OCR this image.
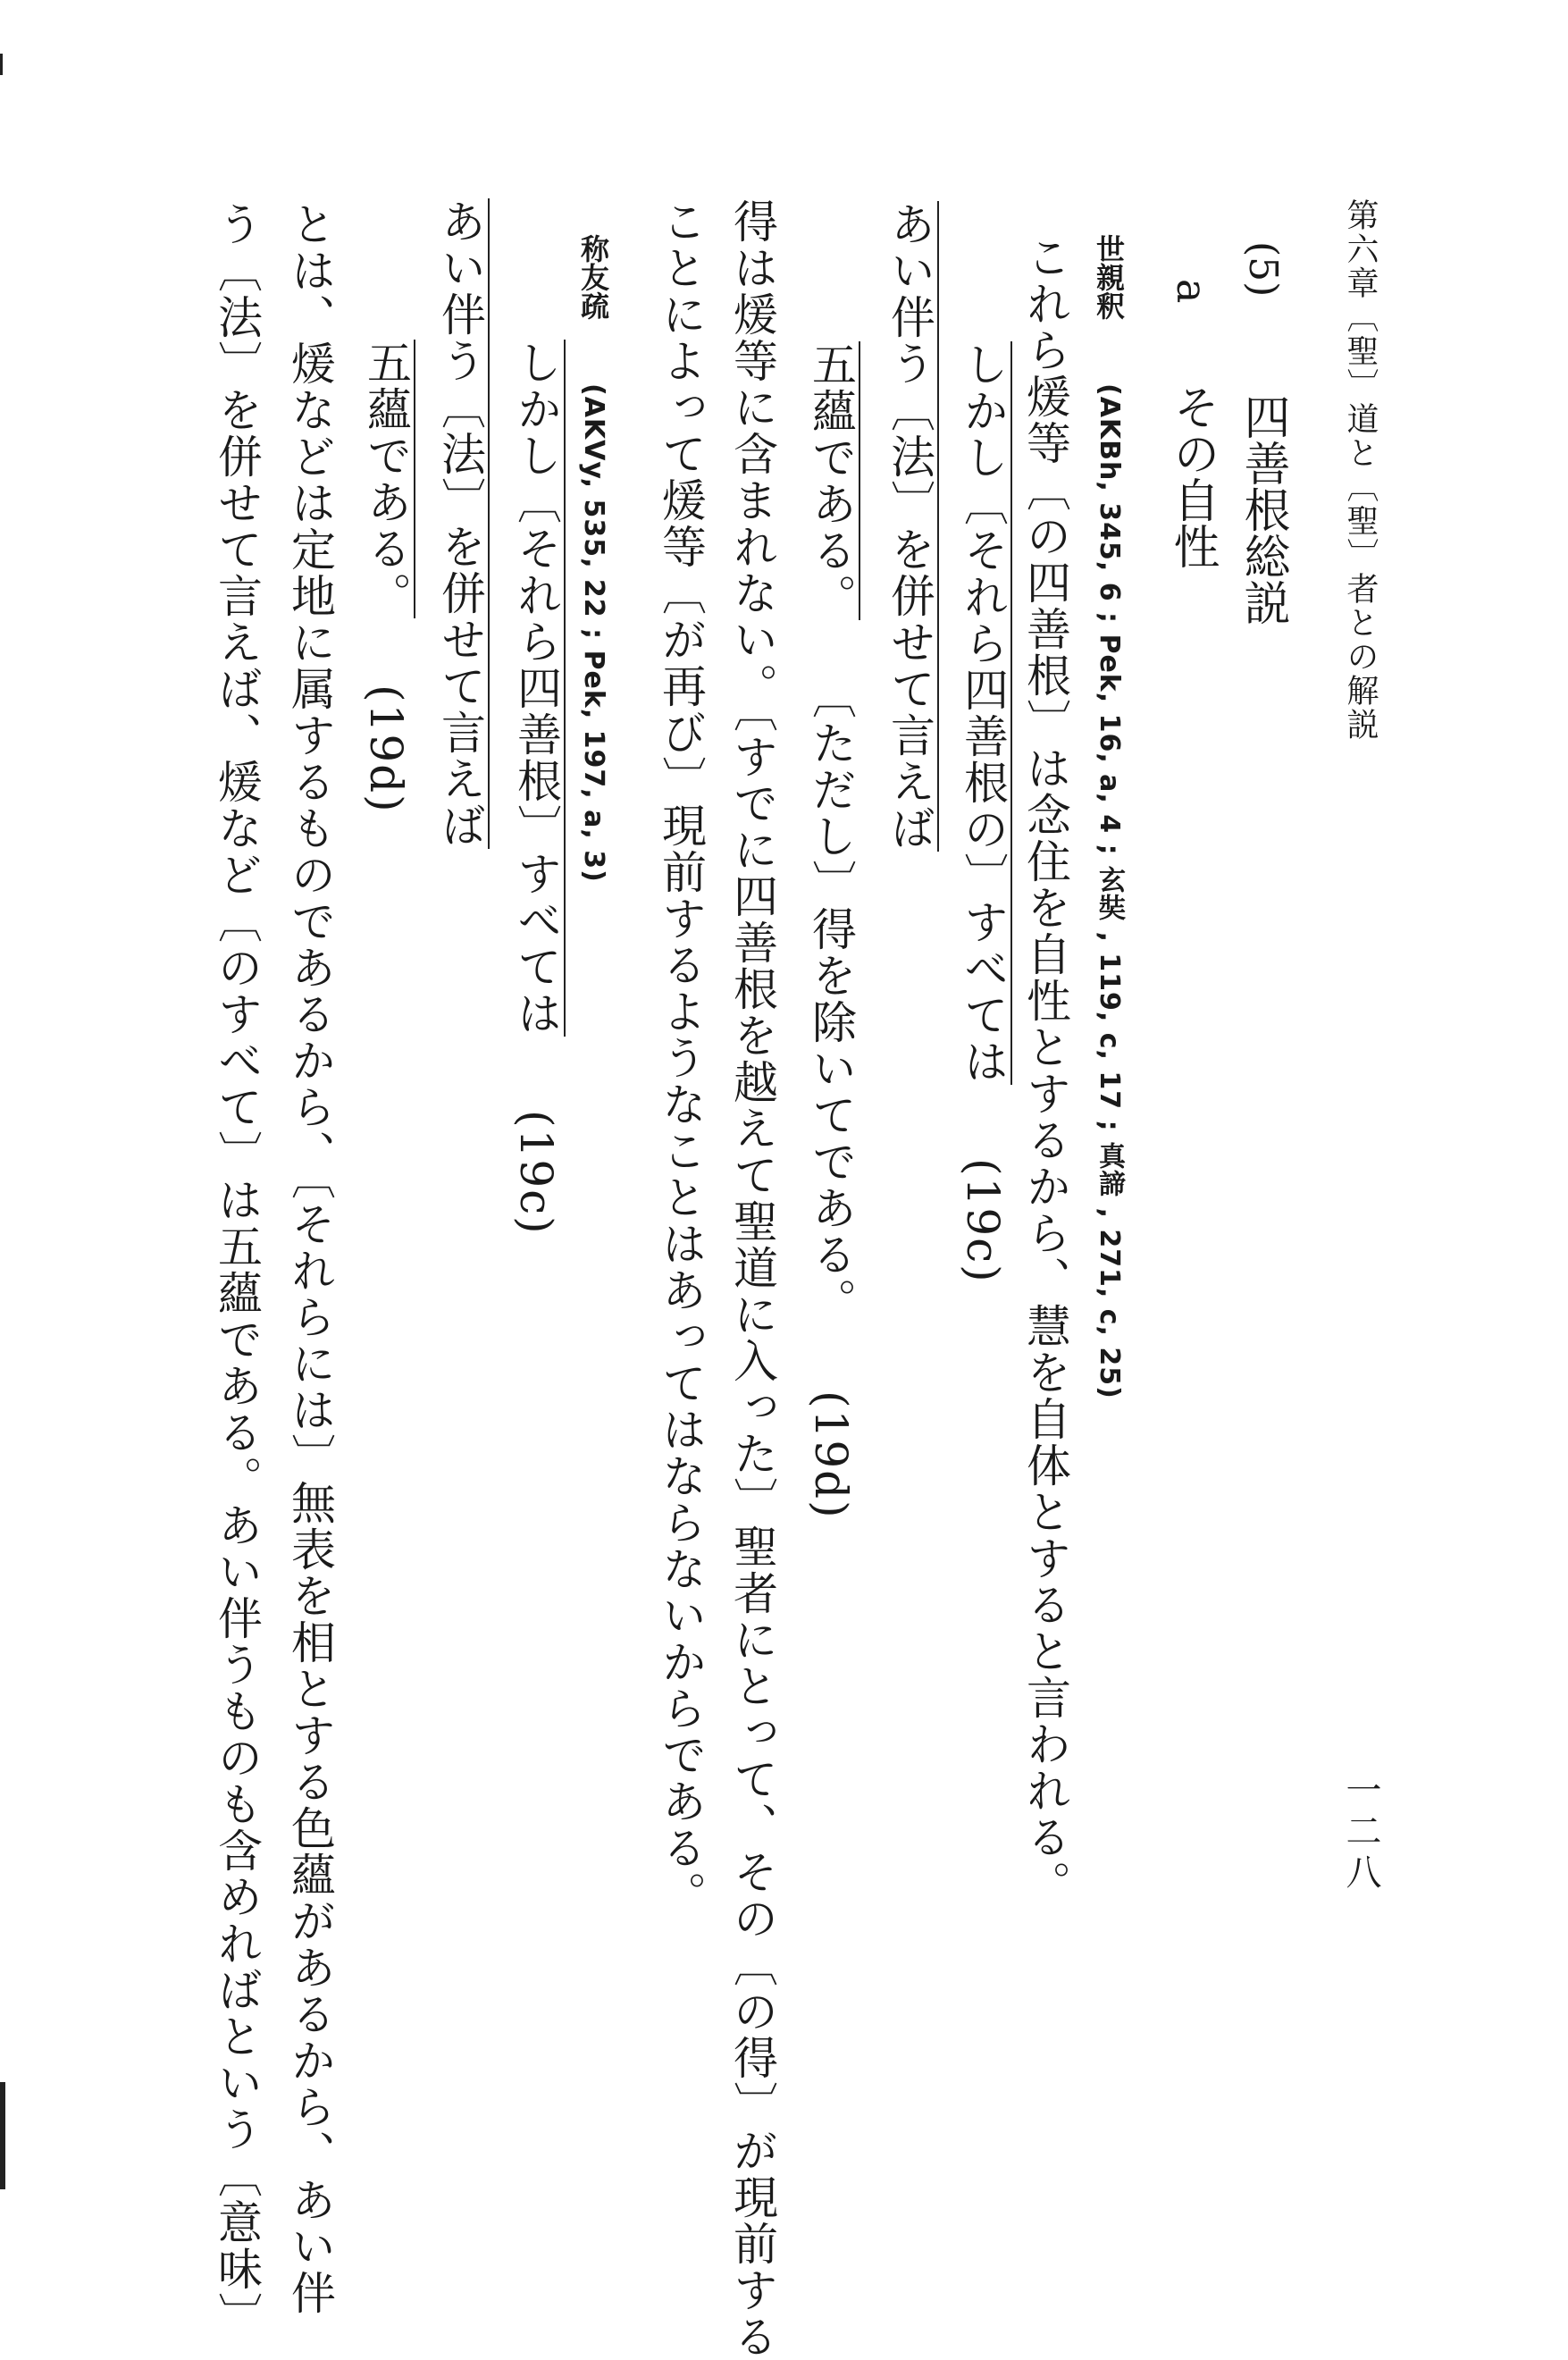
第六章〔聖〕道と〔聖〕者との解説
一二八
(5) 四善根総説
a その自性
世親釈 (AKBh, 345, 6 ; Pek, 16, a, 4 ; 玄奘 , 119, c, 17 ; 真諦 , 271, c, 25)
これら煖等〔の四善根〕は念住を自性とするから、慧を自体とすると言われる。
しかし〔それら四善根の〕すべては (19c)
あい伴う〔法〕を併せて言えば
五蘊である。 〔ただし〕得を除いてである。 (19d)
得は煖等に含まれない。〔すでに四善根を越えて聖道に入った〕聖者にとって、その〔の得〕が現前する
ことによって煖等〔が再び〕現前するようなことはあってはならないからである。
称友疏 (AKVy, 535, 22 ; Pek, 197, a, 3)
しかし〔それら四善根〕すべては (19c)
あい伴う〔法〕を併せて言えば
五蘊である。 (19d)
とは、煖などは定地に属するものであるから、〔それらには〕無表を相とする色蘊があるから、あい伴
う〔法〕を併せて言えば、煖など〔のすべて〕は五蘊である。あい伴うものも含めればという〔意味〕
